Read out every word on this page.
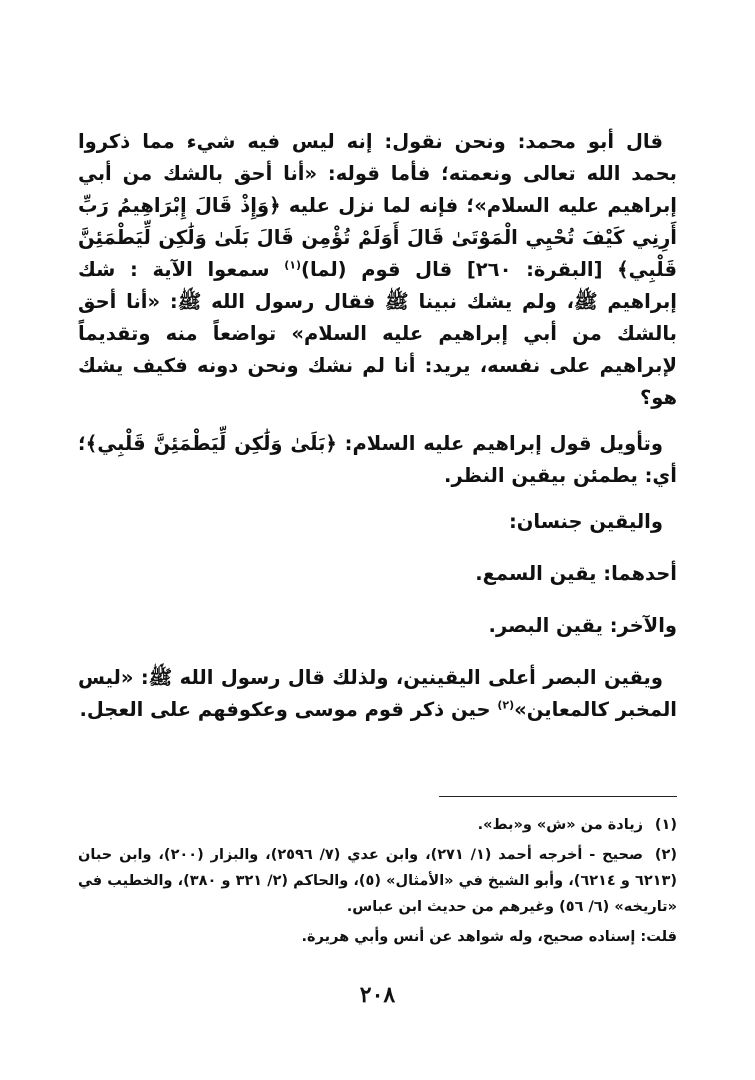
قال أبو محمد: ونحن نقول: إنه ليس فيه شيء مما ذكروا بحمد الله تعالى ونعمته؛ فأما قوله: «أنا أحق بالشك من أبي إبراهيم عليه السلام»؛ فإنه لما نزل عليه ﴿وَإِذْ قَالَ إِبْرَاهِيمُ رَبِّ أَرِنِي كَيْفَ تُحْيِي الْمَوْتَىٰ قَالَ أَوَلَمْ تُؤْمِن قَالَ بَلَىٰ وَلَٰكِن لِّيَطْمَئِنَّ قَلْبِي﴾ [البقرة: ٢٦٠] قال قوم (لما)$^{(١)}$ سمعوا الآية : شك إبراهيم ﷺ، ولم يشك نبينا ﷺ فقال رسول الله ﷺ: «أنا أحق بالشك من أبي إبراهيم عليه السلام» تواضعاً منه وتقديماً لإبراهيم على نفسه، يريد: أنا لم نشك ونحن دونه فكيف يشك هو؟

وتأويل قول إبراهيم عليه السلام: ﴿بَلَىٰ وَلَٰكِن لِّيَطْمَئِنَّ قَلْبِي﴾؛ أي: يطمئن بيقين النظر.

واليقين جنسان:

أحدهما: يقين السمع.

والآخر: يقين البصر.

ويقين البصر أعلى اليقينين، ولذلك قال رسول الله ﷺ: «ليس المخبر كالمعاين»$^{(٢)}$ حين ذكر قوم موسى وعكوفهم على العجل.

(١)زيادة من «ش» و«بط».

(٢)صحيح - أخرجه أحمد (١/ ٢٧١)، وابن عدي (٧/ ٢٥٩٦)، والبزار (٢٠٠)، وابن حبان (٦٢١٣ و ٦٢١٤)، وأبو الشيخ في «الأمثال» (٥)، والحاكم (٢/ ٣٢١ و ٣٨٠)، والخطيب في «تاريخه» (٦/ ٥٦) وغيرهم من حديث ابن عباس.

قلت: إسناده صحيح، وله شواهد عن أنس وأبي هريرة.

٢٠٨
